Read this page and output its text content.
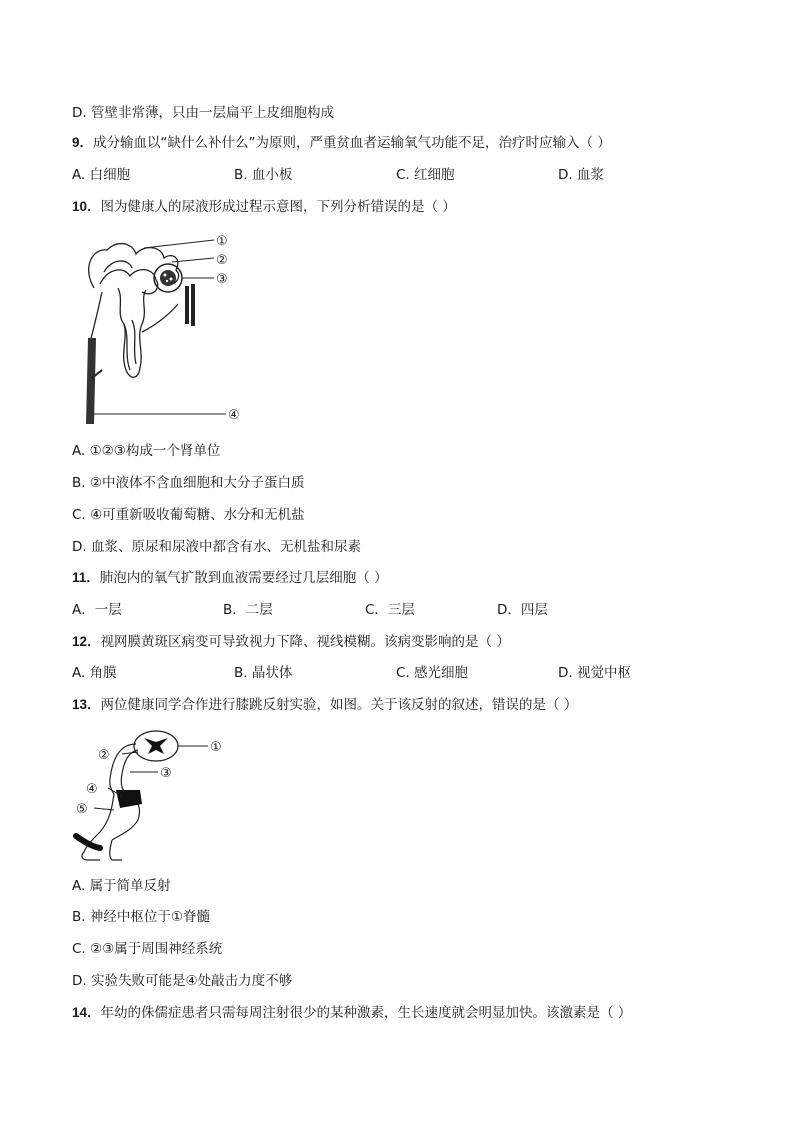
D. 管壁非常薄，只由一层扁平上皮细胞构成
9．成分输血以“缺什么补什么”为原则，严重贫血者运输氧气功能不足，治疗时应输入（ ）
A. 白细胞	B. 血小板	C. 红细胞	D. 血浆
10．图为健康人的尿液形成过程示意图，下列分析错误的是（ ）
①
②
③
④
A. ①②③构成一个肾单位
B. ②中液体不含血细胞和大分子蛋白质
C. ④可重新吸收葡萄糖、水分和无机盐
D. 血浆、原尿和尿液中都含有水、无机盐和尿素
11．肺泡内的氧气扩散到血液需要经过几层细胞（ ）
A．一层	B．二层	C．三层	D．四层
12．视网膜黄斑区病变可导致视力下降、视线模糊。该病变影响的是（ ）
A. 角膜	B. 晶状体	C. 感光细胞	D. 视觉中枢
13．两位健康同学合作进行膝跳反射实验，如图。关于该反射的叙述，错误的是（ ）
①
②
③
④
⑤
A. 属于简单反射
B. 神经中枢位于①脊髓
C. ②③属于周围神经系统
D. 实验失败可能是④处敲击力度不够
14．年幼的侏儒症患者只需每周注射很少的某种激素，生长速度就会明显加快。该激素是（ ）
